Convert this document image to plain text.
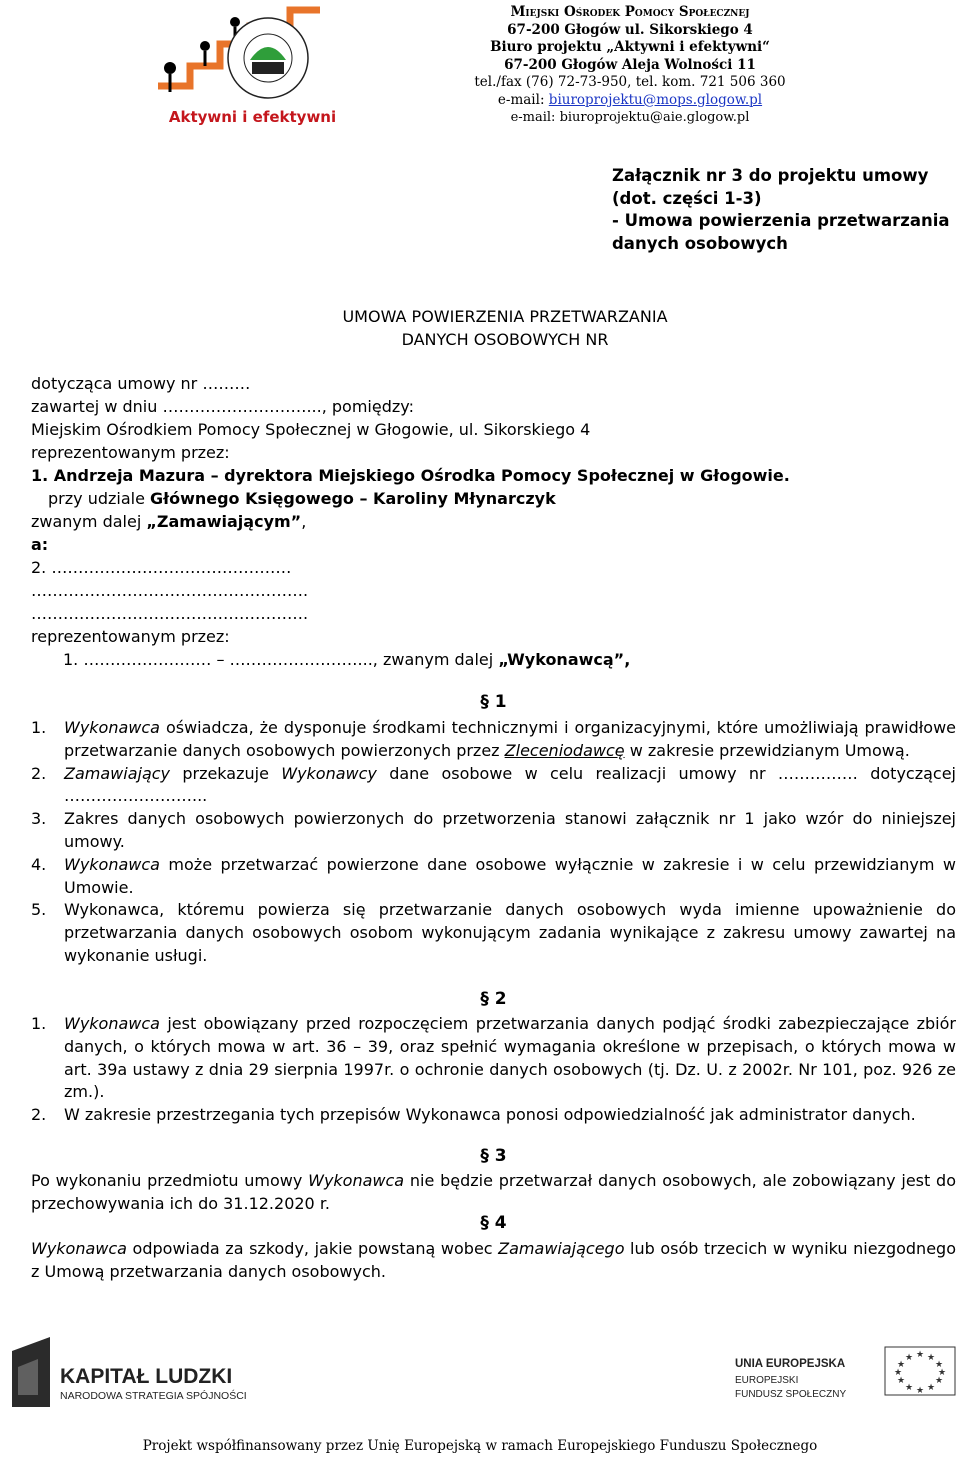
Aktywni i efektywni
Miejski Ośrodek Pomocy Społecznej
67-200 Głogów ul. Sikorskiego 4
Biuro projektu „Aktywni i efektywni“
67-200 Głogów Aleja Wolności 11
tel./fax (76) 72-73-950, tel. kom. 721 506 360
e-mail: biuroprojektu@mops.glogow.pl
e-mail: biuroprojektu@aie.glogow.pl
Załącznik nr 3 do projektu umowy
(dot. części 1-3)
- Umowa powierzenia przetwarzania
danych osobowych
UMOWA POWIERZENIA PRZETWARZANIA
DANYCH OSOBOWYCH NR
dotycząca umowy nr ………
zawartej w dniu ………………………..., pomiędzy:
Miejskim Ośrodkiem Pomocy Społecznej w Głogowie, ul. Sikorskiego 4
reprezentowanym przez:
1. Andrzeja Mazura – dyrektora Miejskiego Ośrodka Pomocy Społecznej w Głogowie.
przy udziale Głównego Księgowego – Karoliny Młynarczyk
zwanym dalej „Zamawiającym”,
a:
2. ………………………………………
…………………………………………….
…………………………………………….
reprezentowanym przez:
1. …………………… – ……………………..., zwanym dalej „Wykonawcą”,
§ 1
1. Wykonawca oświadcza, że dysponuje środkami technicznymi i organizacyjnymi, które umożliwiają prawidłowe przetwarzanie danych osobowych powierzonych przez Zleceniodawcę w zakresie przewidzianym Umową.
2. Zamawiający przekazuje Wykonawcy dane osobowe w celu realizacji umowy nr …………… dotyczącej ……………………...
3. Zakres danych osobowych powierzonych do przetworzenia stanowi załącznik nr 1 jako wzór do niniejszej umowy.
4. Wykonawca może przetwarzać powierzone dane osobowe wyłącznie w zakresie i w celu przewidzianym w Umowie.
5. Wykonawca, któremu powierza się przetwarzanie danych osobowych wyda imienne upoważnienie do przetwarzania danych osobowych osobom wykonującym zadania wynikające z zakresu umowy zawartej na wykonanie usługi.
§ 2
1. Wykonawca jest obowiązany przed rozpoczęciem przetwarzania danych podjąć środki zabezpieczające zbiór danych, o których mowa w art. 36 – 39, oraz spełnić wymagania określone w przepisach, o których mowa w art. 39a ustawy z dnia 29 sierpnia 1997r. o ochronie danych osobowych (tj. Dz. U. z 2002r. Nr 101, poz. 926 ze zm.).
2. W zakresie przestrzegania tych przepisów Wykonawca ponosi odpowiedzialność jak administrator danych.
§ 3
Po wykonaniu przedmiotu umowy Wykonawca nie będzie przetwarzał danych osobowych, ale zobowiązany jest do przechowywania ich do 31.12.2020 r.
§ 4
Wykonawca odpowiada za szkody, jakie powstaną wobec Zamawiającego lub osób trzecich w wyniku niezgodnego z Umową przetwarzania danych osobowych.
KAPITAŁ LUDZKI
NARODOWA STRATEGIA SPÓJNOŚCI
UNIA EUROPEJSKA
EUROPEJSKI
FUNDUSZ SPOŁECZNY
★ ★
★
★
★
★
★
★
★
★
★
★
Projekt współfinansowany przez Unię Europejską w ramach Europejskiego Funduszu Społecznego
